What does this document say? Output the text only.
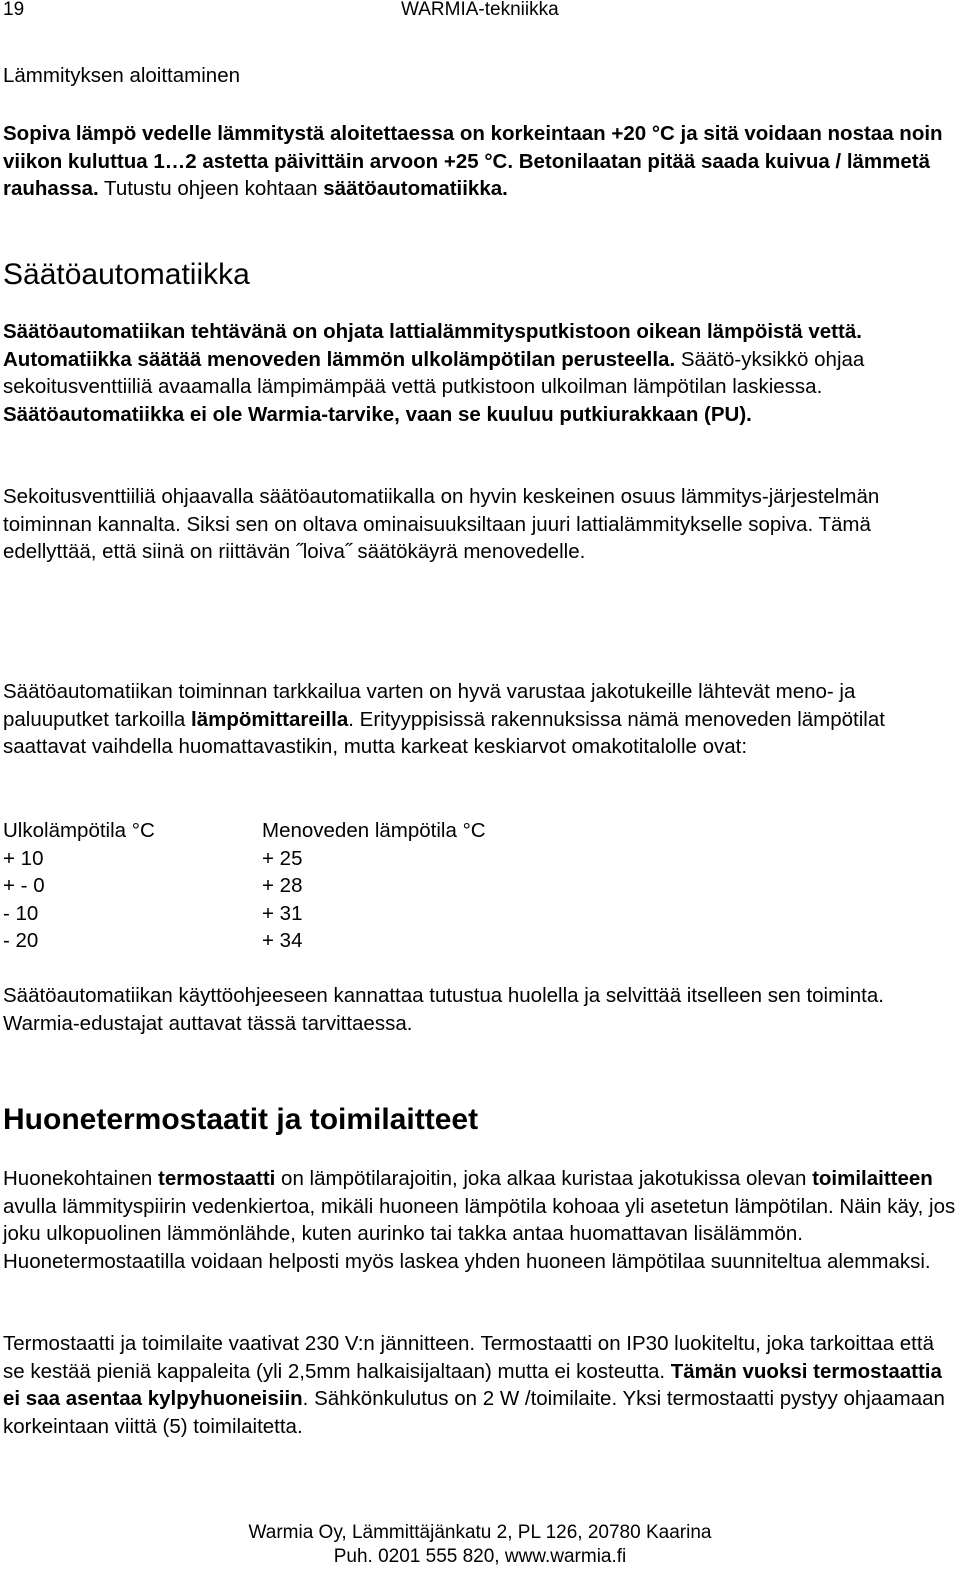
19	WARMIA-tekniikka
Lämmityksen aloittaminen

Sopiva lämpö vedelle lämmitystä aloitettaessa on korkeintaan +20 °C ja sitä voidaan nostaa noin viikon kuluttua 1…2 astetta päivittäin arvoon +25 °C. Betonilaatan pitää saada kuivua / lämmetä rauhassa. Tutustu ohjeen kohtaan säätöautomatiikka.

Säätöautomatiikka

Säätöautomatiikan tehtävänä on ohjata lattialämmitysputkistoon oikean lämpöistä vettä. Automatiikka säätää menoveden lämmön ulkolämpötilan perusteella. Säätö-yksikkö ohjaa sekoitusventtiiliä avaamalla lämpimämpää vettä putkistoon ulkoilman lämpötilan laskiessa. Säätöautomatiikka ei ole Warmia-tarvike, vaan se kuuluu putkiurakkaan (PU).

Sekoitusventtiiliä ohjaavalla säätöautomatiikalla on hyvin keskeinen osuus lämmitys-järjestelmän toiminnan kannalta. Siksi sen on oltava ominaisuuksiltaan juuri lattialämmitykselle sopiva. Tämä edellyttää, että siinä on riittävän ˝loiva˝ säätökäyrä menovedelle.

Säätöautomatiikan toiminnan tarkkailua varten on hyvä varustaa jakotukeille lähtevät meno- ja paluuputket tarkoilla lämpömittareilla. Erityyppisissä rakennuksissa nämä menoveden lämpötilat saattavat vaihdella huomattavastikin, mutta karkeat keskiarvot omakotitalolle ovat:

Ulkolämpötila °C	Menoveden lämpötila °C
+ 10	+ 25
+ - 0	+ 28
- 10	+ 31
- 20	+ 34

Säätöautomatiikan käyttöohjeeseen kannattaa tutustua huolella ja selvittää itselleen sen toiminta. Warmia-edustajat auttavat tässä tarvittaessa.

Huonetermostaatit ja toimilaitteet

Huonekohtainen termostaatti on lämpötilarajoitin, joka alkaa kuristaa jakotukissa olevan toimilaitteen avulla lämmityspiirin vedenkiertoa, mikäli huoneen lämpötila kohoaa yli asetetun lämpötilan. Näin käy, jos joku ulkopuolinen lämmönlähde, kuten aurinko tai takka antaa huomattavan lisälämmön. Huonetermostaatilla voidaan helposti myös laskea yhden huoneen lämpötilaa suunniteltua alemmaksi.

Termostaatti ja toimilaite vaativat 230 V:n jännitteen. Termostaatti on IP30 luokiteltu, joka tarkoittaa että se kestää pieniä kappaleita (yli 2,5mm halkaisijaltaan) mutta ei kosteutta. Tämän vuoksi termostaattia ei saa asentaa kylpyhuoneisiin. Sähkönkulutus on 2 W /toimilaite. Yksi termostaatti pystyy ohjaamaan korkeintaan viittä (5) toimilaitetta.

Warmia Oy, Lämmittäjänkatu 2, PL 126, 20780 Kaarina
Puh. 0201 555 820, www.warmia.fi
